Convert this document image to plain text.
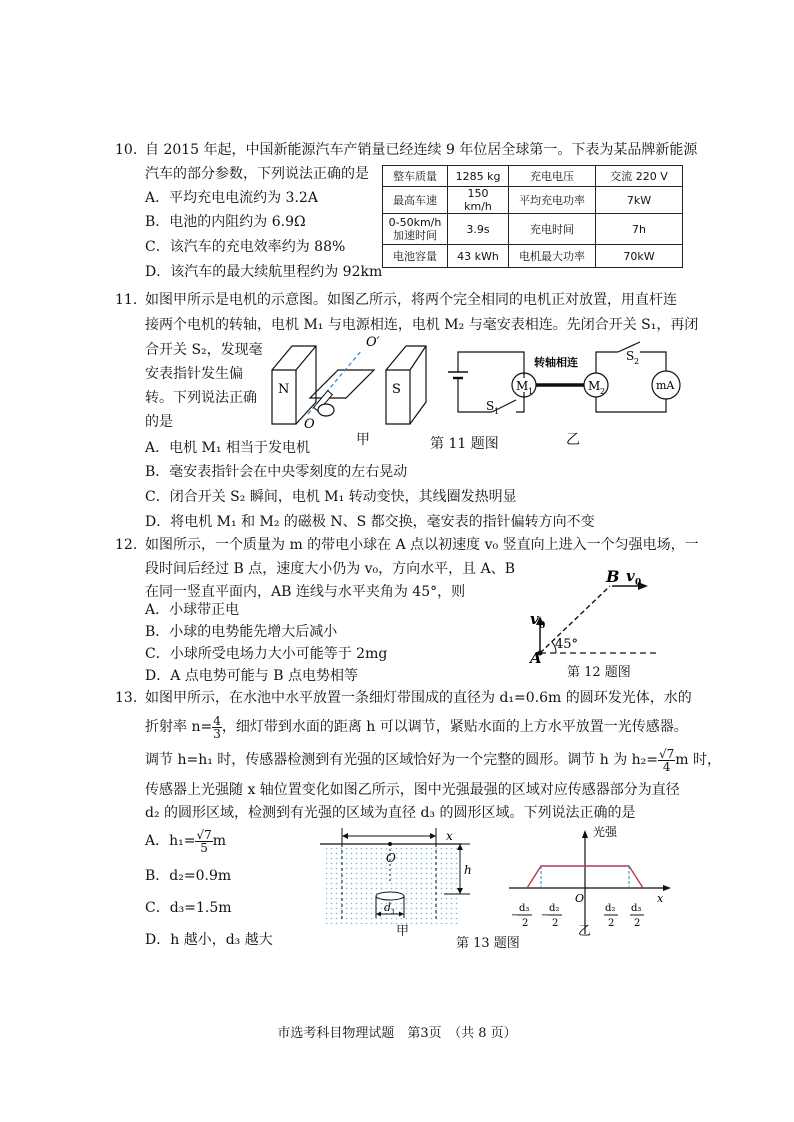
10. 自 2015 年起，中国新能源汽车产销量已经连续 9 年位居全球第一。下表为某品牌新能源
汽车的部分参数，下列说法正确的是
A．平均充电电流约为 3.2A
B．电池的内阻约为 6.9Ω
C．该汽车的充电效率约为 88%
D．该汽车的最大续航里程约为 92km
整车质量	1285 kg	充电电压	交流 220 V
最高车速	150 km/h	平均充电功率	7kW
0-50km/h
加速时间	3.9s	充电时间	7h
电池容量	43 kWh	电机最大功率	70kW
11. 如图甲所示是电机的示意图。如图乙所示，将两个完全相同的电机正对放置，用直杆连
接两个电机的转轴，电机 M₁ 与电源相连，电机 M₂ 与毫安表相连。先闭合开关 S₁，再闭
合开关 S₂，发现毫
安表指针发生偏
转。下列说法正确
的是
N	S
O′
O
甲	第 11 题图	乙
转轴相连
M 1	M 2	mA
S 1
S 2
A．电机 M₁ 相当于发电机
B．毫安表指针会在中央零刻度的左右晃动
C．闭合开关 S₂ 瞬间，电机 M₁ 转动变快，其线圈发热明显
D．将电机 M₁ 和 M₂ 的磁极 N、S 都交换，毫安表的指针偏转方向不变
12. 如图所示，一个质量为 m 的带电小球在 A 点以初速度 v₀ 竖直向上进入一个匀强电场，一
段时间后经过 B 点，速度大小仍为 v₀，方向水平，且 A、B
在同一竖直平面内，AB 连线与水平夹角为 45°，则
A．小球带正电
B．小球的电势能先增大后减小
C．小球所受电场力大小可能等于 2mg
D．A 点电势可能与 B 点电势相等
B v 0
v 0
45°
A
第 12 题图
13. 如图甲所示，在水池中水平放置一条细灯带围成的直径为 d₁=0.6m 的圆环发光体，水的
折射率 $n= \frac{4}{3}$ ，细灯带到水面的距离 h 可以调节，紧贴水面的上方水平放置一光传感器。
调节 h=h₁ 时，传感器检测到有光强的区域恰好为一个完整的圆形。调节 h 为 $h_2= \frac{√7}{4}$ m 时，
传感器上光强随 x 轴位置变化如图乙所示，图中光强最强的区域对应传感器部分为直径
d₂ 的圆形区域，检测到有光强的区域为直径 d₃ 的圆形区域。下列说法正确的是
A．$h_1= \frac{√7}{5}$ m
B．d₂=0.9m
C．d₃=1.5m
D．h 越小，d₃ 越大
O
x
h
d 1
甲
第 13 题图
光强
O	x
−
d₃
2
−
d₂
2
d₂
2
d₃
2
乙
市选考科目物理试题　第3页　（共 8 页）
